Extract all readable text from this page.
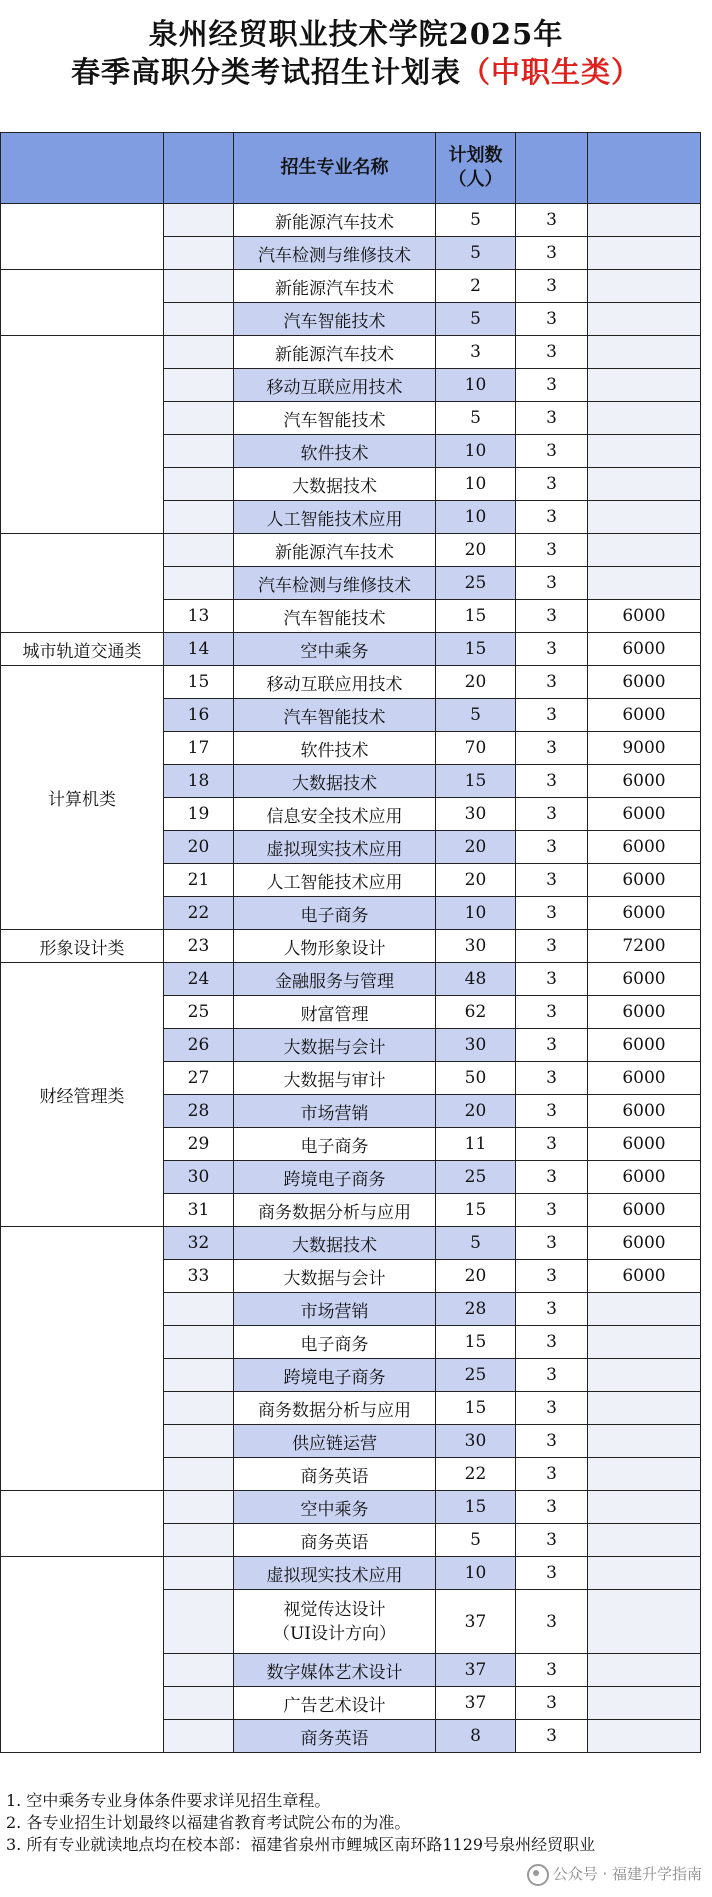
泉州经贸职业技术学院2025年
春季高职分类考试招生计划表（中职生类）
		招生专业名称	计划数（人）		
		新能源汽车技术	5	3	
		汽车检测与维修技术	5	3	
		新能源汽车技术	2	3	
		汽车智能技术	5	3	
		新能源汽车技术	3	3	
		移动互联应用技术	10	3	
		汽车智能技术	5	3	
		软件技术	10	3	
		大数据技术	10	3	
		人工智能技术应用	10	3	
		新能源汽车技术	20	3	
		汽车检测与维修技术	25	3	
	13	汽车智能技术	15	3	6000
城市轨道交通类	14	空中乘务	15	3	6000
计算机类	15	移动互联应用技术	20	3	6000
	16	汽车智能技术	5	3	6000
	17	软件技术	70	3	9000
	18	大数据技术	15	3	6000
	19	信息安全技术应用	30	3	6000
	20	虚拟现实技术应用	20	3	6000
	21	人工智能技术应用	20	3	6000
	22	电子商务	10	3	6000
形象设计类	23	人物形象设计	30	3	7200
财经管理类	24	金融服务与管理	48	3	6000
	25	财富管理	62	3	6000
	26	大数据与会计	30	3	6000
	27	大数据与审计	50	3	6000
	28	市场营销	20	3	6000
	29	电子商务	11	3	6000
	30	跨境电子商务	25	3	6000
	31	商务数据分析与应用	15	3	6000
	32	大数据技术	5	3	6000
	33	大数据与会计	20	3	6000
		市场营销	28	3	
		电子商务	15	3	
		跨境电子商务	25	3	
		商务数据分析与应用	15	3	
		供应链运营	30	3	
		商务英语	22	3	
		空中乘务	15	3	
		商务英语	5	3	
		虚拟现实技术应用	10	3	
		视觉传达设计
（UI设计方向）	37	3	
		数字媒体艺术设计	37	3	
		广告艺术设计	37	3	
		商务英语	8	3	
1. 空中乘务专业身体条件要求详见招生章程。
2. 各专业招生计划最终以福建省教育考试院公布的为准。
3. 所有专业就读地点均在校本部：福建省泉州市鲤城区南环路1129号泉州经贸职业
公众号 · 福建升学指南
